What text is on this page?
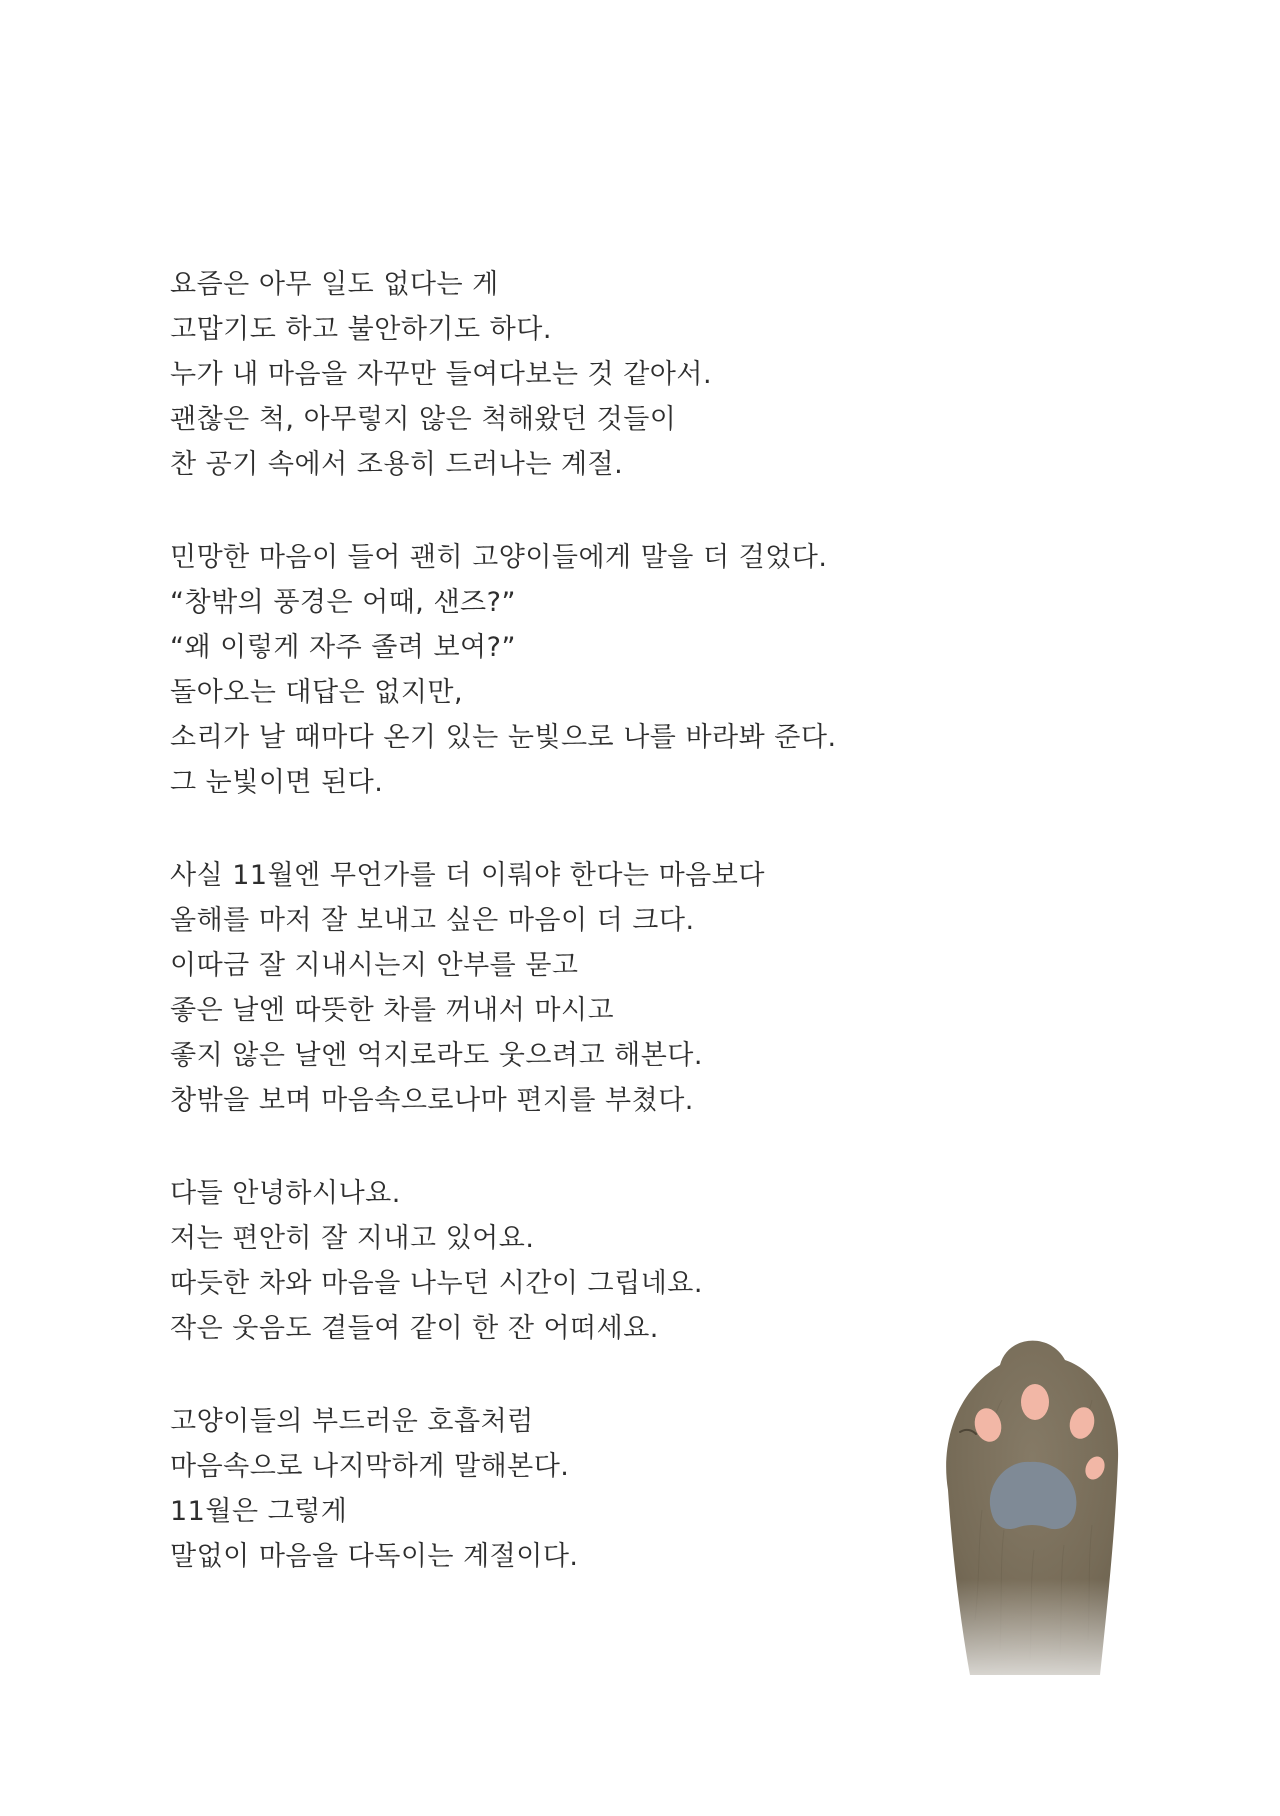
요즘은 아무 일도 없다는 게
고맙기도 하고 불안하기도 하다.
누가 내 마음을 자꾸만 들여다보는 것 같아서.
괜찮은 척, 아무렇지 않은 척해왔던 것들이
찬 공기 속에서 조용히 드러나는 계절.
민망한 마음이 들어 괜히 고양이들에게 말을 더 걸었다.
“창밖의 풍경은 어때, 샌즈?”
“왜 이렇게 자주 졸려 보여?”
돌아오는 대답은 없지만,
소리가 날 때마다 온기 있는 눈빛으로 나를 바라봐 준다.
그 눈빛이면 된다.
사실 11월엔 무언가를 더 이뤄야 한다는 마음보다
올해를 마저 잘 보내고 싶은 마음이 더 크다.
이따금 잘 지내시는지 안부를 묻고
좋은 날엔 따뜻한 차를 꺼내서 마시고
좋지 않은 날엔 억지로라도 웃으려고 해본다.
창밖을 보며 마음속으로나마 편지를 부쳤다.
다들 안녕하시나요.
저는 편안히 잘 지내고 있어요.
따듯한 차와 마음을 나누던 시간이 그립네요.
작은 웃음도 곁들여 같이 한 잔 어떠세요.
고양이들의 부드러운 호흡처럼
마음속으로 나지막하게 말해본다.
11월은 그렇게
말없이 마음을 다독이는 계절이다.
